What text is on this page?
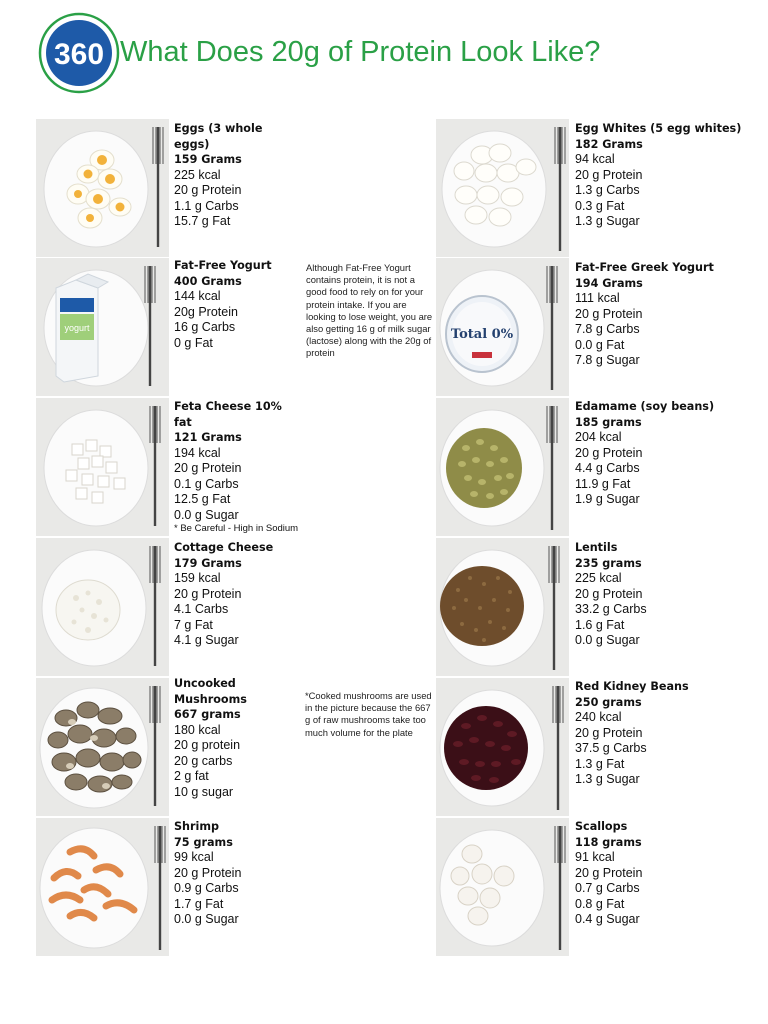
360 What Does 20g of Protein Look Like?
Eggs (3 whole eggs)
159 Grams
225 kcal
20 g Protein
1.1 g Carbs
15.7 g Fat
yogurt
Fat-Free Yogurt
400 Grams
144 kcal
20g Protein
16 g Carbs
0 g Fat
Although Fat-Free Yogurt contains protein, it is not a good food to rely on for your protein intake. If you are looking to lose weight, you are also getting 16 g of milk sugar (lactose) along with the 20g of protein
Feta Cheese 10% fat
121 Grams
194 kcal
20 g Protein
0.1 g Carbs
12.5 g Fat
0.0 g Sugar
* Be Careful - High in Sodium
Cottage Cheese
179 Grams
159 kcal
20 g Protein
4.1 Carbs
7 g Fat
4.1 g Sugar
Uncooked Mushrooms
667 grams
180 kcal
20 g protein
20 g carbs
2 g fat
10 g sugar
*Cooked mushrooms are used in the picture because the 667 g of raw mushrooms take too much volume for the plate
Shrimp
75 grams
99 kcal
20 g Protein
0.9 g Carbs
1.7 g Fat
0.0 g Sugar
Egg Whites (5 egg whites)
182 Grams
94 kcal
20 g Protein
1.3 g Carbs
0.3 g Fat
1.3 g Sugar
Total 0%
Fat-Free Greek Yogurt
194 Grams
111 kcal
20 g Protein
7.8 g Carbs
0.0 g Fat
7.8 g Sugar
Edamame (soy beans)
185 grams
204 kcal
20 g Protein
4.4 g Carbs
11.9 g Fat
1.9 g Sugar
Lentils
235 grams
225 kcal
20 g Protein
33.2 g Carbs
1.6 g Fat
0.0 g Sugar
Red Kidney Beans
250 grams
240 kcal
20 g Protein
37.5 g Carbs
1.3 g Fat
1.3 g Sugar
Scallops
118 grams
91 kcal
20 g Protein
0.7 g Carbs
0.8 g Fat
0.4 g Sugar
